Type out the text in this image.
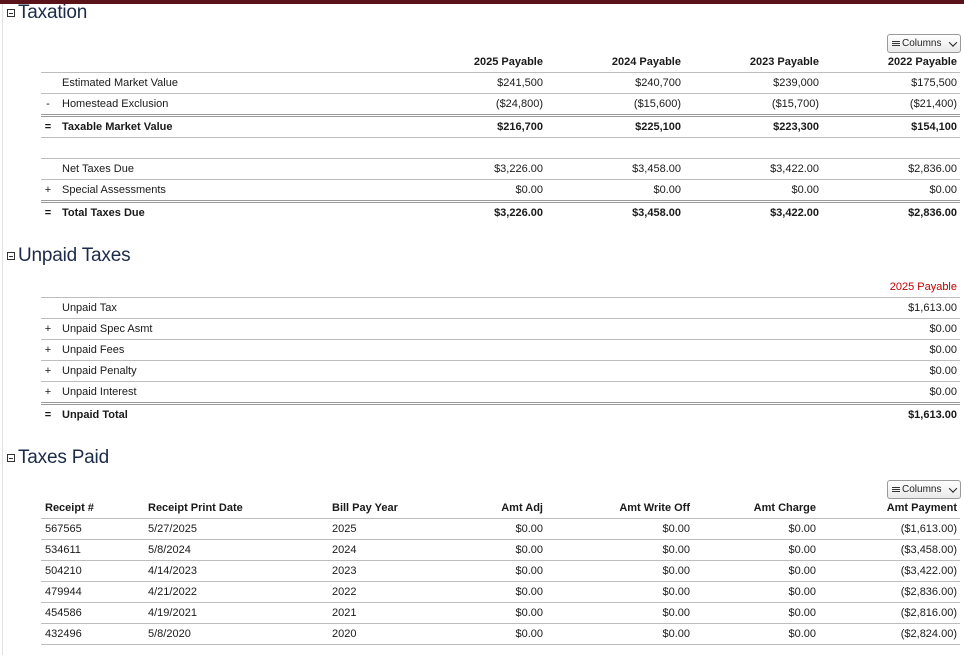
Taxation
Columns
2025 Payable	2024 Payable	2023 Payable	2022 Payable
Estimated Market Value	$241,500	$240,700	$239,000	$175,500
- Homestead Exclusion	($24,800)	($15,600)	($15,700)	($21,400)
= Taxable Market Value	$216,700	$225,100	$223,300	$154,100
Net Taxes Due	$3,226.00	$3,458.00	$3,422.00	$2,836.00
+ Special Assessments	$0.00	$0.00	$0.00	$0.00
= Total Taxes Due	$3,226.00	$3,458.00	$3,422.00	$2,836.00
Unpaid Taxes
2025 Payable
Unpaid Tax	$1,613.00
+ Unpaid Spec Asmt	$0.00
+ Unpaid Fees	$0.00
+ Unpaid Penalty	$0.00
+ Unpaid Interest	$0.00
= Unpaid Total	$1,613.00
Taxes Paid
Columns
Receipt #	Receipt Print Date	Bill Pay Year	Amt Adj	Amt Write Off	Amt Charge	Amt Payment
567565	5/27/2025	2025	$0.00	$0.00	$0.00	($1,613.00)
534611	5/8/2024	2024	$0.00	$0.00	$0.00	($3,458.00)
504210	4/14/2023	2023	$0.00	$0.00	$0.00	($3,422.00)
479944	4/21/2022	2022	$0.00	$0.00	$0.00	($2,836.00)
454586	4/19/2021	2021	$0.00	$0.00	$0.00	($2,816.00)
432496	5/8/2020	2020	$0.00	$0.00	$0.00	($2,824.00)
